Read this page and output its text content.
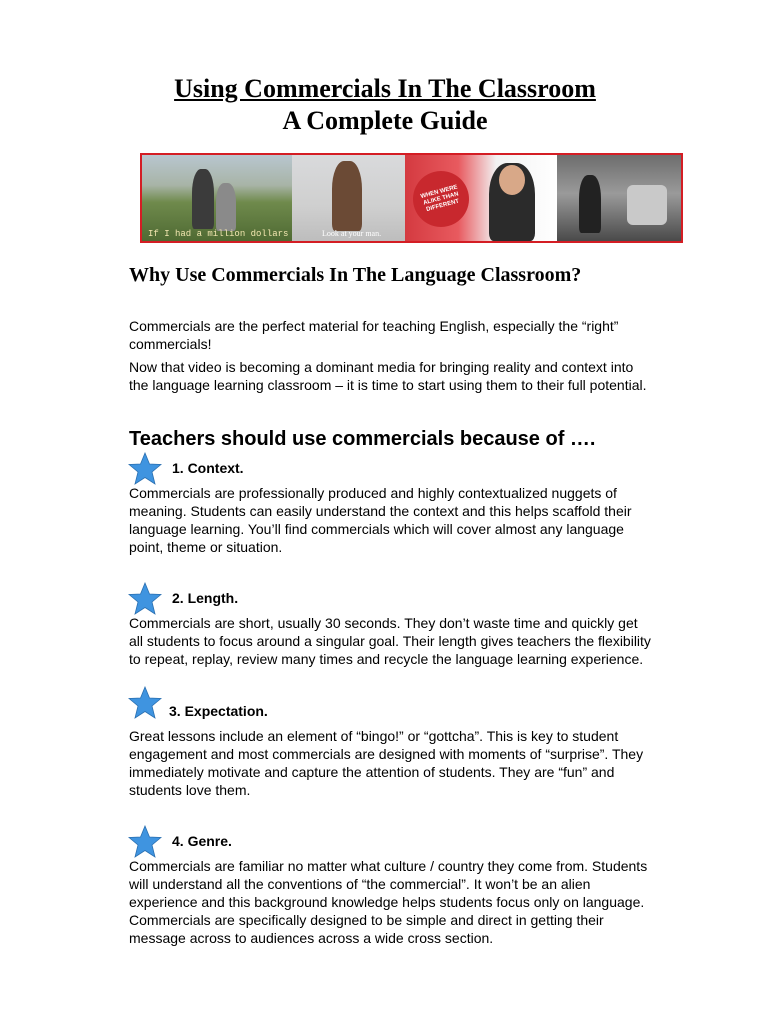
Using Commercials In The Classroom
A Complete Guide
If I had a million dollars	Look at your man.
WHEN WERE ALIKE THAN DIFFERENT
Why Use Commercials In The Language Classroom?
Commercials are the perfect material for teaching English, especially the “right”
commercials!
Now that video is becoming a dominant media for bringing reality and context into
the language learning classroom – it is time to start using them to their full potential.
Teachers should use commercials because of ….
1. Context.
Commercials are professionally produced and highly contextualized nuggets of
meaning. Students can easily understand the context and this helps scaffold their
language learning. You’ll find commercials which will cover almost any language
point, theme or situation.
2. Length.
Commercials are short, usually 30 seconds. They don’t waste time and quickly get
all students to focus around a singular goal. Their length gives teachers the flexibility
to repeat, replay, review many times and recycle the language learning experience.
3. Expectation.
Great lessons include an element of “bingo!” or “gottcha”. This is key to student
engagement and most commercials are designed with moments of “surprise”. They
immediately motivate and capture the attention of students. They are “fun” and
students love them.
4. Genre.
Commercials are familiar no matter what culture / country they come from. Students
will understand all the conventions of “the commercial”. It won’t be an alien
experience and this background knowledge helps students focus only on language.
Commercials are specifically designed to be simple and direct in getting their
message across to audiences across a wide cross section.
